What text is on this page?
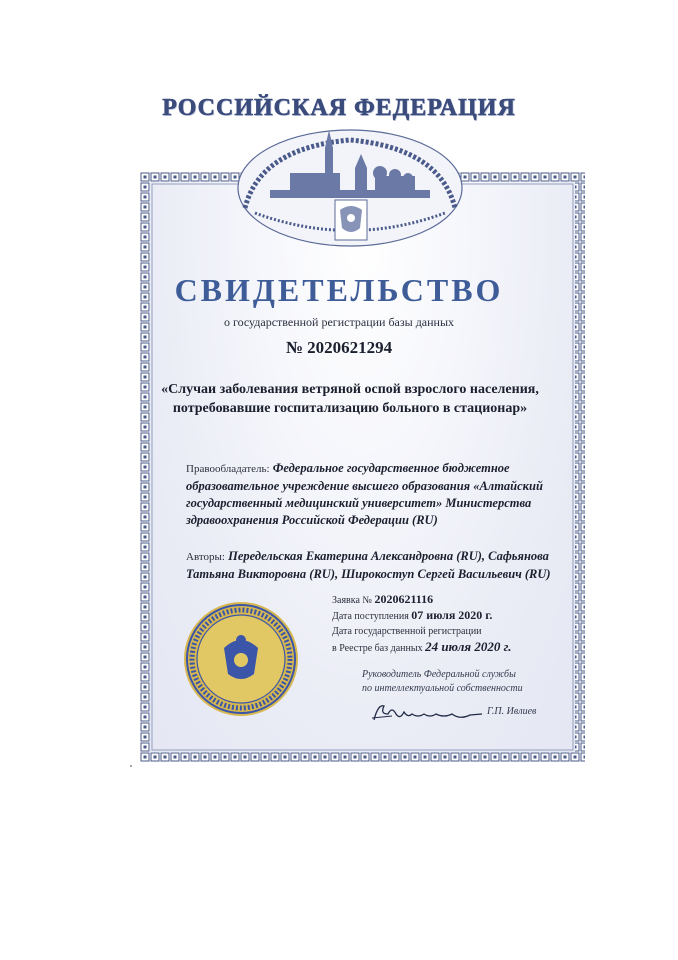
РОССИЙСКАЯ ФЕДЕРАЦИЯ
СВИДЕТЕЛЬСТВО
о государственной регистрации базы данных
№ 2020621294
«Случаи заболевания ветряной оспой взрослого населения,
потребовавшие госпитализацию больного в стационар»
Правообладатель: Федеральное государственное бюджетное образовательное учреждение высшего образования «Алтайский государственный медицинский университет» Министерства здравоохранения Российской Федерации (RU)
Авторы: Передельская Екатерина Александровна (RU), Сафьянова Татьяна Викторовна (RU), Широкоступ Сергей Васильевич (RU)
Заявка № 2020621116
Дата поступления 07 июля 2020 г.
Дата государственной регистрации
в Реестре баз данных 24 июля 2020 г.
Руководитель Федеральной службы
по интеллектуальной собственности
Г.П. Ивлиев
